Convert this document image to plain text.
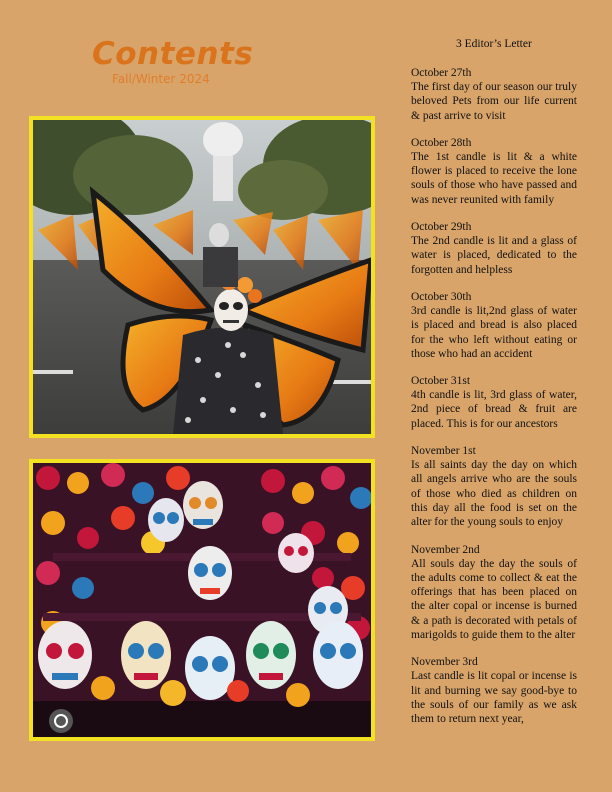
Contents
Fall/Winter 2024
3 Editor’s Letter
October 27th
The first day of our season our truly beloved Pets from our life current & past arrive to visit
October 28th
The 1st candle is lit & a white flower is placed to receive the lone souls of those who have passed and was never reunited with family
October 29th
The 2nd candle is lit and a glass of water is placed, dedicated to the forgotten and helpless
October 30th
3rd candle is lit,2nd glass of water is placed and bread is also placed for the who left without eating or those who had an accident
October 31st
4th candle is lit, 3rd glass of water, 2nd piece of bread & fruit are placed. This is for our ancestors
November 1st
Is all saints day the day on which all angels arrive who are the souls of those who died as children on this day all the food is set on the alter for the young souls to enjoy
November 2nd
All souls day the day the souls of the adults come to collect & eat the offerings that has been placed on the alter copal or incense is burned & a path is decorated with petals of marigolds to guide them to the alter
November 3rd
Last candle is lit copal or incense is lit and burning we say good-bye to the souls of our family as we ask them to return next year,
